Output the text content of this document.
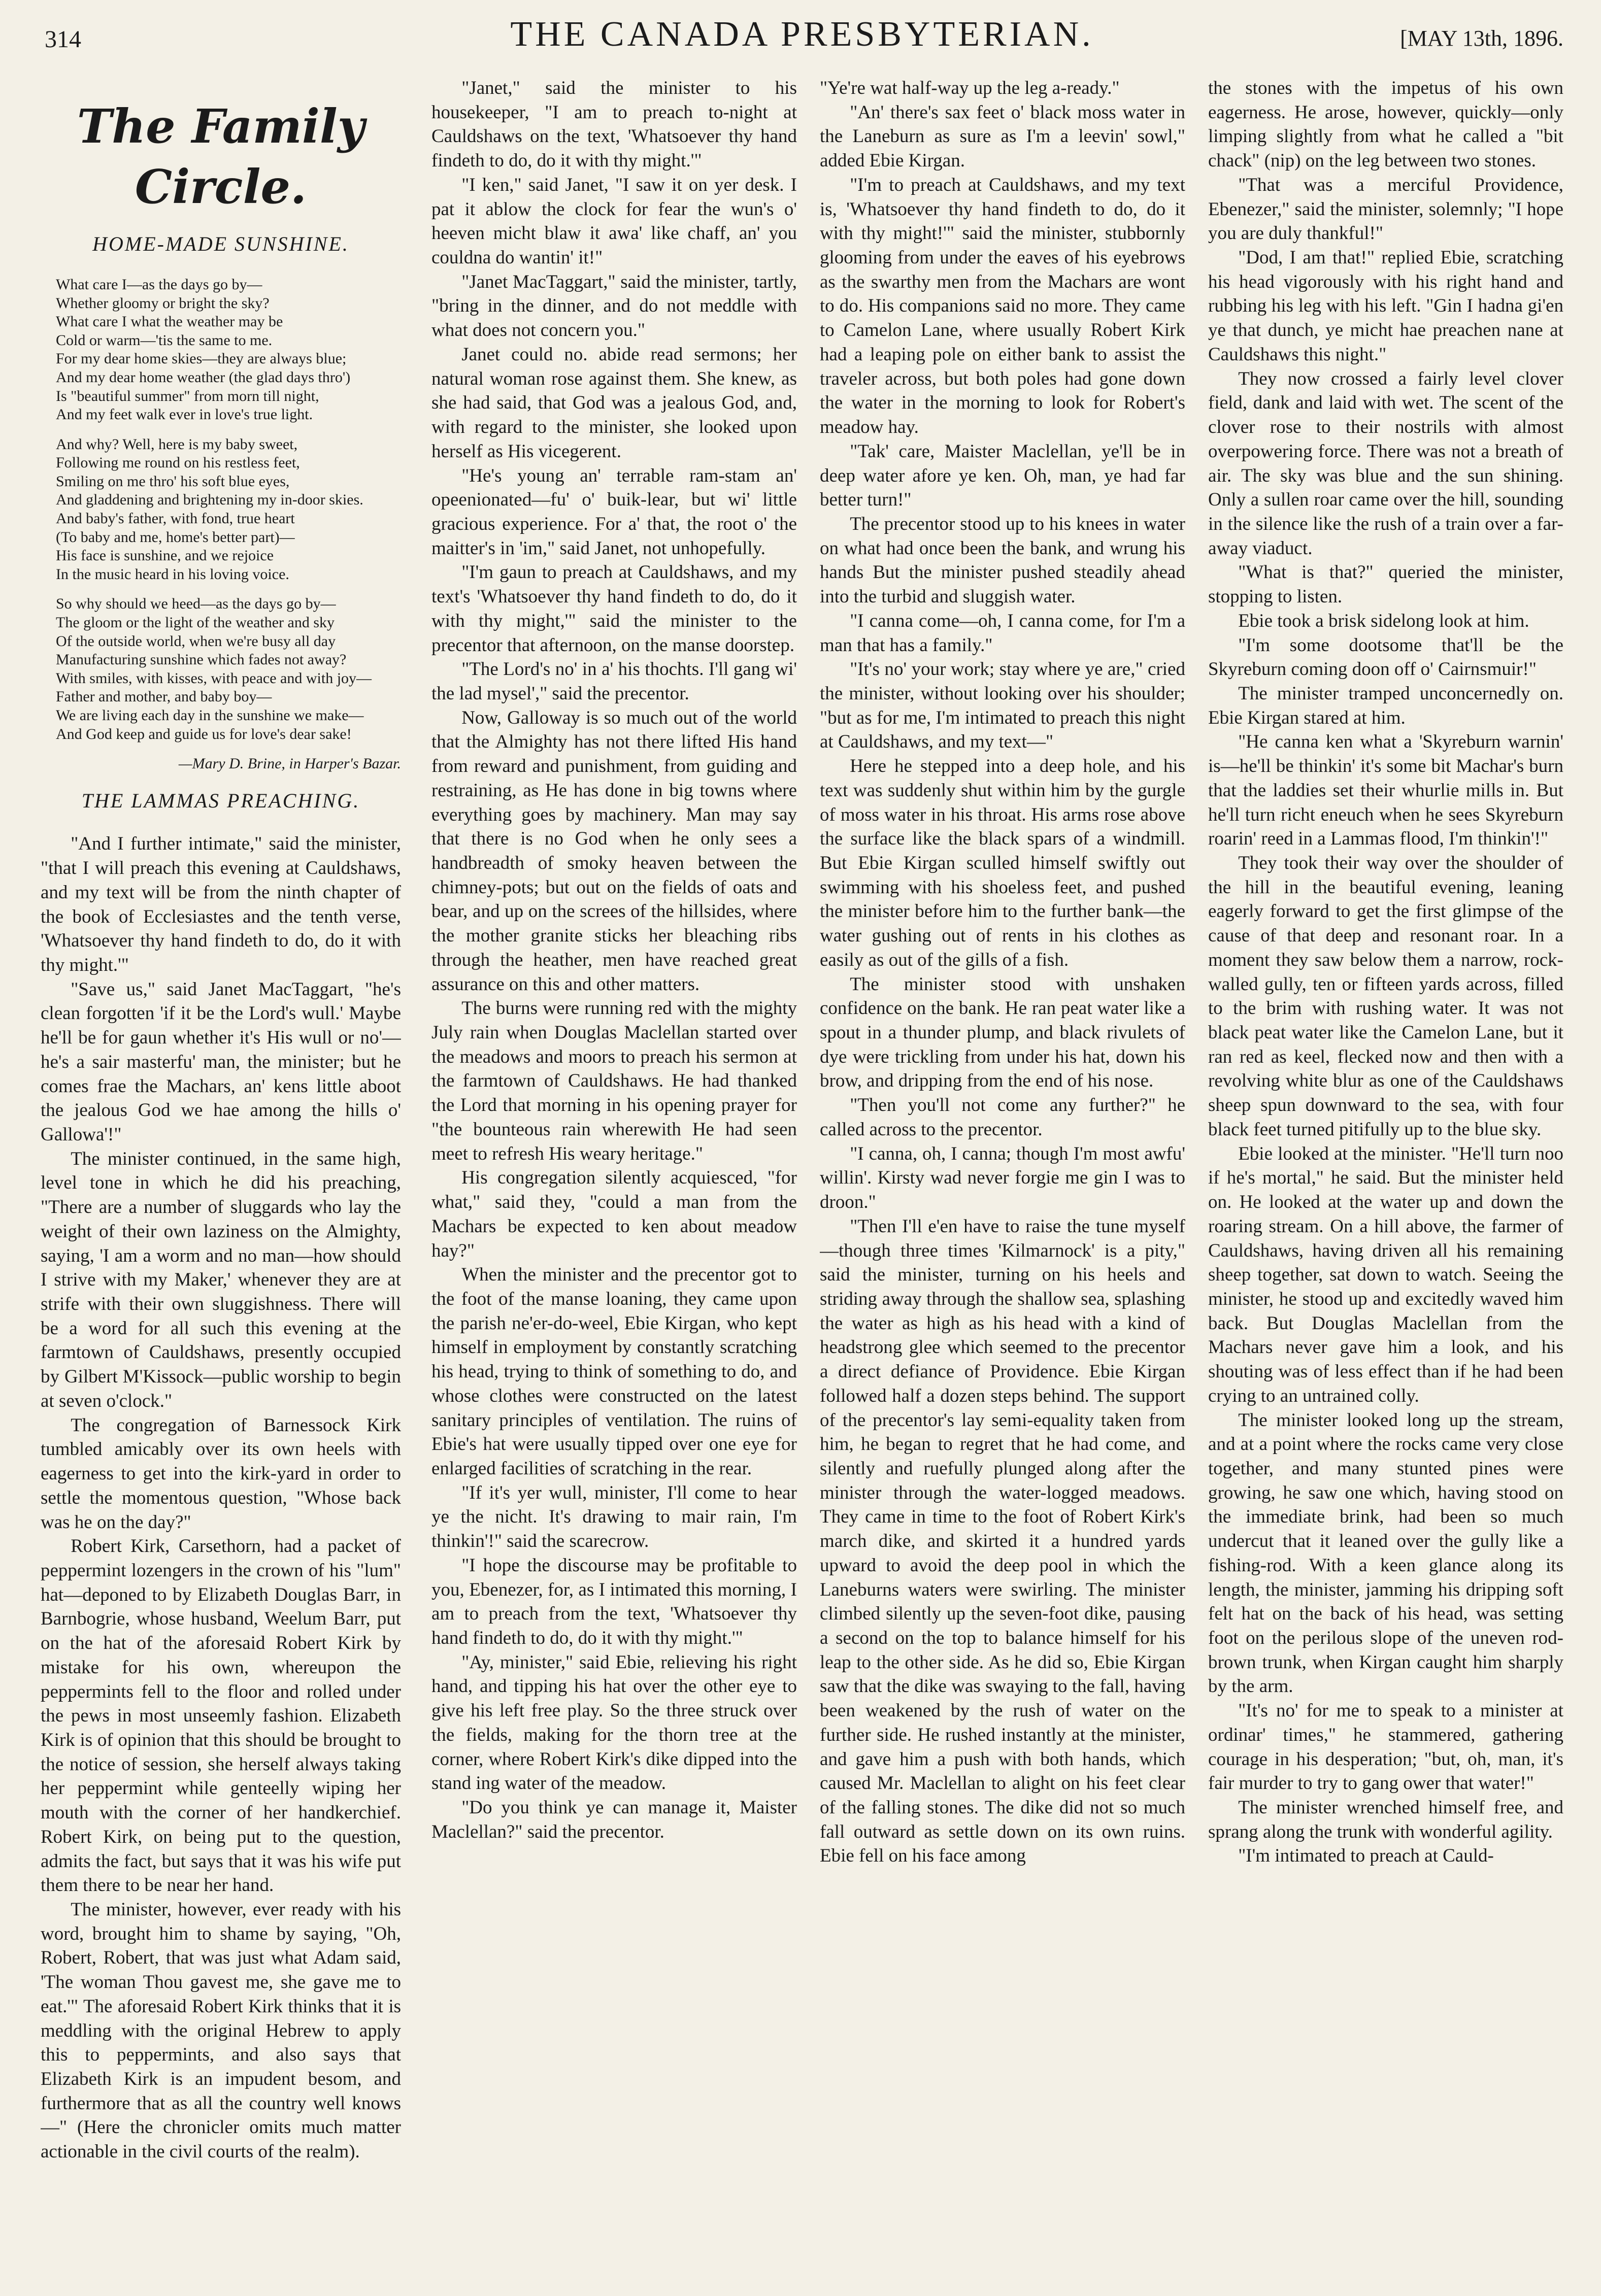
314	THE CANADA PRESBYTERIAN.	[MAY 13th, 1896.
The Family Circle.
HOME-MADE SUNSHINE.
What care I—as the days go by—
Whether gloomy or bright the sky?
What care I what the weather may be
Cold or warm—'tis the same to me.
For my dear home skies—they are always blue;
And my dear home weather (the glad days thro')
Is "beautiful summer" from morn till night,
And my feet walk ever in love's true light.
And why? Well, here is my baby sweet,
Following me round on his restless feet,
Smiling on me thro' his soft blue eyes,
And gladdening and brightening my in-door skies.
And baby's father, with fond, true heart
(To baby and me, home's better part)—
His face is sunshine, and we rejoice
In the music heard in his loving voice.
So why should we heed—as the days go by—
The gloom or the light of the weather and sky
Of the outside world, when we're busy all day
Manufacturing sunshine which fades not away?
With smiles, with kisses, with peace and with joy—
Father and mother, and baby boy—
We are living each day in the sunshine we make—
And God keep and guide us for love's dear sake!
—Mary D. Brine, in Harper's Bazar.
THE LAMMAS PREACHING.

"And I further intimate," said the minister, "that I will preach this evening at Cauldshaws, and my text will be from the ninth chapter of the book of Ecclesiastes and the tenth verse, 'Whatsoever thy hand findeth to do, do it with thy might.'"

"Save us," said Janet MacTaggart, "he's clean forgotten 'if it be the Lord's wull.' Maybe he'll be for gaun whether it's His wull or no'—he's a sair masterfu' man, the minister; but he comes frae the Machars, an' kens little aboot the jealous God we hae among the hills o' Gallowa'!"

The minister continued, in the same high, level tone in which he did his preaching, "There are a number of sluggards who lay the weight of their own laziness on the Almighty, saying, 'I am a worm and no man—how should I strive with my Maker,' whenever they are at strife with their own sluggishness. There will be a word for all such this evening at the farmtown of Cauldshaws, presently occupied by Gilbert M'Kissock—public worship to begin at seven o'clock."

The congregation of Barnessock Kirk tumbled amicably over its own heels with eagerness to get into the kirk-yard in order to settle the momentous question, "Whose back was he on the day?"

Robert Kirk, Carsethorn, had a packet of peppermint lozengers in the crown of his "lum" hat—deponed to by Elizabeth Douglas Barr, in Barnbogrie, whose husband, Weelum Barr, put on the hat of the aforesaid Robert Kirk by mistake for his own, whereupon the peppermints fell to the floor and rolled under the pews in most unseemly fashion. Elizabeth Kirk is of opinion that this should be brought to the notice of session, she herself always taking her peppermint while genteelly wiping her mouth with the corner of her handkerchief. Robert Kirk, on being put to the question, admits the fact, but says that it was his wife put them there to be near her hand.

The minister, however, ever ready with his word, brought him to shame by saying, "Oh, Robert, Robert, that was just what Adam said, 'The woman Thou gavest me, she gave me to eat.'" The aforesaid Robert Kirk thinks that it is meddling with the original Hebrew to apply this to peppermints, and also says that Elizabeth Kirk is an impudent besom, and furthermore that as all the country well knows—" (Here the chronicler omits much matter actionable in the civil courts of the realm).

"Janet," said the minister to his housekeeper, "I am to preach to-night at Cauldshaws on the text, 'Whatsoever thy hand findeth to do, do it with thy might.'"

"I ken," said Janet, "I saw it on yer desk. I pat it ablow the clock for fear the wun's o' heeven micht blaw it awa' like chaff, an' you couldna do wantin' it!"

"Janet MacTaggart," said the minister, tartly, "bring in the dinner, and do not meddle with what does not concern you."

Janet could no. abide read sermons; her natural woman rose against them. She knew, as she had said, that God was a jealous God, and, with regard to the minister, she looked upon herself as His vicegerent.

"He's young an' terrable ram-stam an' opeenionated—fu' o' buik-lear, but wi' little gracious experience. For a' that, the root o' the maitter's in 'im," said Janet, not unhopefully.

"I'm gaun to preach at Cauldshaws, and my text's 'Whatsoever thy hand findeth to do, do it with thy might,'" said the minister to the precentor that afternoon, on the manse doorstep.

"The Lord's no' in a' his thochts. I'll gang wi' the lad mysel'," said the precentor.

Now, Galloway is so much out of the world that the Almighty has not there lifted His hand from reward and punishment, from guiding and restraining, as He has done in big towns where everything goes by machinery. Man may say that there is no God when he only sees a handbreadth of smoky heaven between the chimney-pots; but out on the fields of oats and bear, and up on the screes of the hillsides, where the mother granite sticks her bleaching ribs through the heather, men have reached great assurance on this and other matters.

The burns were running red with the mighty July rain when Douglas Maclellan started over the meadows and moors to preach his sermon at the farmtown of Cauldshaws. He had thanked the Lord that morning in his opening prayer for "the bounteous rain wherewith He had seen meet to refresh His weary heritage."

His congregation silently acquiesced, "for what," said they, "could a man from the Machars be expected to ken about meadow hay?"

When the minister and the precentor got to the foot of the manse loaning, they came upon the parish ne'er-do-weel, Ebie Kirgan, who kept himself in employment by constantly scratching his head, trying to think of something to do, and whose clothes were constructed on the latest sanitary principles of ventilation. The ruins of Ebie's hat were usually tipped over one eye for enlarged facilities of scratching in the rear.

"If it's yer wull, minister, I'll come to hear ye the nicht. It's drawing to mair rain, I'm thinkin'!" said the scarecrow.

"I hope the discourse may be profitable to you, Ebenezer, for, as I intimated this morning, I am to preach from the text, 'Whatsoever thy hand findeth to do, do it with thy might.'"

"Ay, minister," said Ebie, relieving his right hand, and tipping his hat over the other eye to give his left free play. So the three struck over the fields, making for the thorn tree at the corner, where Robert Kirk's dike dipped into the stand ing water of the meadow.

"Do you think ye can manage it, Maister Maclellan?" said the precentor.

"Ye're wat half-way up the leg a-ready."

"An' there's sax feet o' black moss water in the Laneburn as sure as I'm a leevin' sowl," added Ebie Kirgan.

"I'm to preach at Cauldshaws, and my text is, 'Whatsoever thy hand findeth to do, do it with thy might!'" said the minister, stubbornly glooming from under the eaves of his eyebrows as the swarthy men from the Machars are wont to do. His companions said no more. They came to Camelon Lane, where usually Robert Kirk had a leaping pole on either bank to assist the traveler across, but both poles had gone down the water in the morning to look for Robert's meadow hay.

"Tak' care, Maister Maclellan, ye'll be in deep water afore ye ken. Oh, man, ye had far better turn!"

The precentor stood up to his knees in water on what had once been the bank, and wrung his hands But the minister pushed steadily ahead into the turbid and sluggish water.

"I canna come—oh, I canna come, for I'm a man that has a family."

"It's no' your work; stay where ye are," cried the minister, without looking over his shoulder; "but as for me, I'm intimated to preach this night at Cauldshaws, and my text—"

Here he stepped into a deep hole, and his text was suddenly shut within him by the gurgle of moss water in his throat. His arms rose above the surface like the black spars of a windmill. But Ebie Kirgan sculled himself swiftly out swimming with his shoeless feet, and pushed the minister before him to the further bank—the water gushing out of rents in his clothes as easily as out of the gills of a fish.

The minister stood with unshaken confidence on the bank. He ran peat water like a spout in a thunder plump, and black rivulets of dye were trickling from under his hat, down his brow, and dripping from the end of his nose.

"Then you'll not come any further?" he called across to the precentor.

"I canna, oh, I canna; though I'm most awfu' willin'. Kirsty wad never forgie me gin I was to droon."

"Then I'll e'en have to raise the tune myself—though three times 'Kilmarnock' is a pity," said the minister, turning on his heels and striding away through the shallow sea, splashing the water as high as his head with a kind of headstrong glee which seemed to the precentor a direct defiance of Providence. Ebie Kirgan followed half a dozen steps behind. The support of the precentor's lay semi-equality taken from him, he began to regret that he had come, and silently and ruefully plunged along after the minister through the water-logged meadows. They came in time to the foot of Robert Kirk's march dike, and skirted it a hundred yards upward to avoid the deep pool in which the Laneburns waters were swirling. The minister climbed silently up the seven-foot dike, pausing a second on the top to balance himself for his leap to the other side. As he did so, Ebie Kirgan saw that the dike was swaying to the fall, having been weakened by the rush of water on the further side. He rushed instantly at the minister, and gave him a push with both hands, which caused Mr. Maclellan to alight on his feet clear of the falling stones. The dike did not so much fall outward as settle down on its own ruins. Ebie fell on his face among

the stones with the impetus of his own eagerness. He arose, however, quickly—only limping slightly from what he called a "bit chack" (nip) on the leg between two stones.

"That was a merciful Providence, Ebenezer," said the minister, solemnly; "I hope you are duly thankful!"

"Dod, I am that!" replied Ebie, scratching his head vigorously with his right hand and rubbing his leg with his left. "Gin I hadna gi'en ye that dunch, ye micht hae preachen nane at Cauldshaws this night."

They now crossed a fairly level clover field, dank and laid with wet. The scent of the clover rose to their nostrils with almost overpowering force. There was not a breath of air. The sky was blue and the sun shining. Only a sullen roar came over the hill, sounding in the silence like the rush of a train over a far-away viaduct.

"What is that?" queried the minister, stopping to listen.

Ebie took a brisk sidelong look at him.

"I'm some dootsome that'll be the Skyreburn coming doon off o' Cairnsmuir!"

The minister tramped unconcernedly on. Ebie Kirgan stared at him.

"He canna ken what a 'Skyreburn warnin' is—he'll be thinkin' it's some bit Machar's burn that the laddies set their whurlie mills in. But he'll turn richt eneuch when he sees Skyreburn roarin' reed in a Lammas flood, I'm thinkin'!"

They took their way over the shoulder of the hill in the beautiful evening, leaning eagerly forward to get the first glimpse of the cause of that deep and resonant roar. In a moment they saw below them a narrow, rock-walled gully, ten or fifteen yards across, filled to the brim with rushing water. It was not black peat water like the Camelon Lane, but it ran red as keel, flecked now and then with a revolving white blur as one of the Cauldshaws sheep spun downward to the sea, with four black feet turned pitifully up to the blue sky.

Ebie looked at the minister. "He'll turn noo if he's mortal," he said. But the minister held on. He looked at the water up and down the roaring stream. On a hill above, the farmer of Cauldshaws, having driven all his remaining sheep together, sat down to watch. Seeing the minister, he stood up and excitedly waved him back. But Douglas Maclellan from the Machars never gave him a look, and his shouting was of less effect than if he had been crying to an untrained colly.

The minister looked long up the stream, and at a point where the rocks came very close together, and many stunted pines were growing, he saw one which, having stood on the immediate brink, had been so much undercut that it leaned over the gully like a fishing-rod. With a keen glance along its length, the minister, jamming his dripping soft felt hat on the back of his head, was setting foot on the perilous slope of the uneven rod-brown trunk, when Kirgan caught him sharply by the arm.

"It's no' for me to speak to a minister at ordinar' times," he stammered, gathering courage in his desperation; "but, oh, man, it's fair murder to try to gang ower that water!"

The minister wrenched himself free, and sprang along the trunk with wonderful agility.

"I'm intimated to preach at Cauld-
